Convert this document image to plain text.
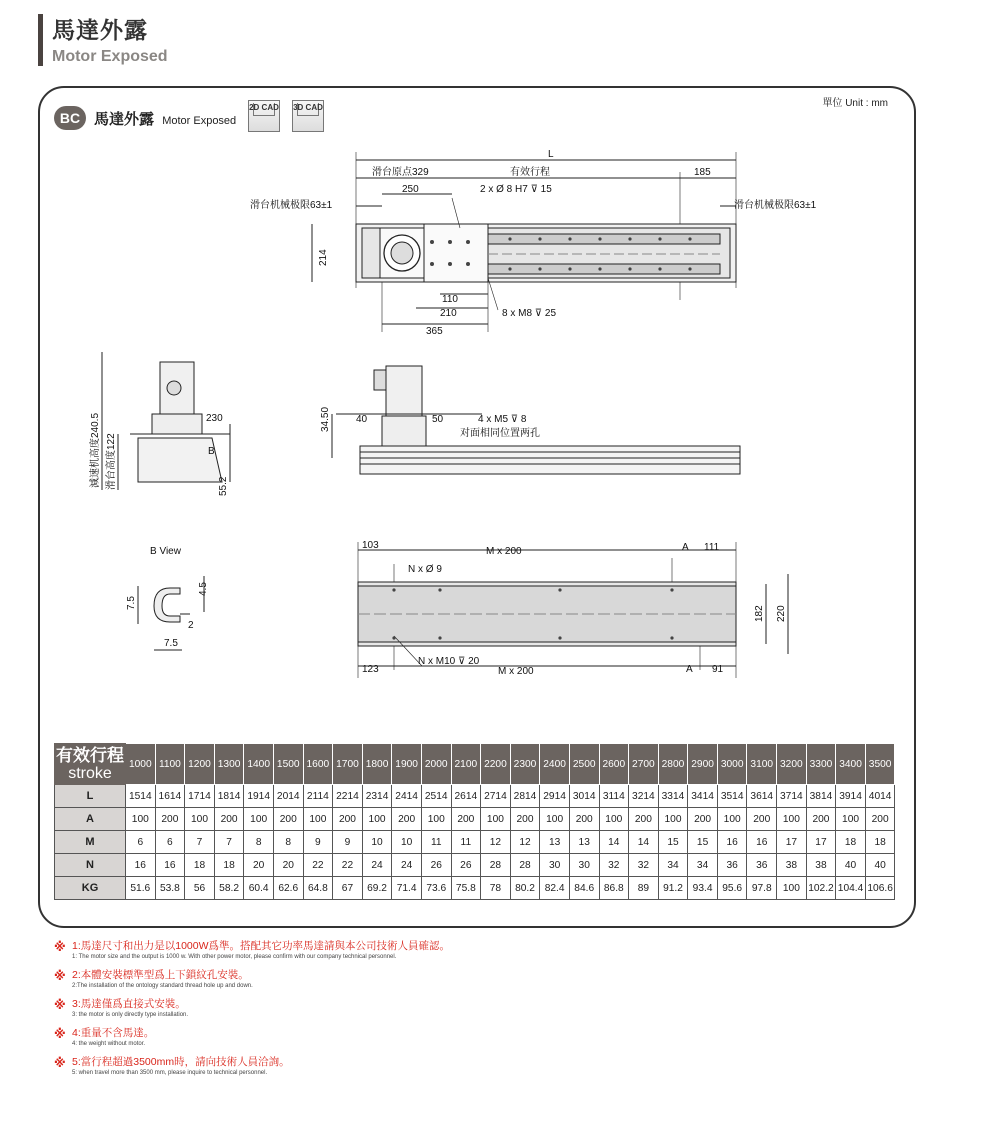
馬達外露
Motor Exposed
單位 Unit : mm
BC 馬達外露 Motor Exposed
2D CAD 3D CAD
L
滑台原点329	有效行程	185
250	2 x Ø 8 H7 ⊽ 15
滑台机械极限63±1	滑台机械极限63±1
214
110
210
365
8 x M8 ⊽ 25
減速机高度240.5 滑台高度122
230
B
55.2
34.50	40	50	4 x M5 ⊽ 8
对面相同位置两孔
B View
7.5
4.5
2
7.5
103
M x 200	A 111
N x Ø 9
182 220
123
N x M10 ⊽ 20
M x 200	A 91
有效行程
stroke	1000	1100	1200	1300	1400	1500	1600	1700	1800	1900	2000	2100	2200	2300	2400	2500	2600	2700	2800	2900	3000	3100	3200	3300	3400	3500
L	1514	1614	1714	1814	1914	2014	2114	2214	2314	2414	2514	2614	2714	2814	2914	3014	3114	3214	3314	3414	3514	3614	3714	3814	3914	4014
A	100	200	100	200	100	200	100	200	100	200	100	200	100	200	100	200	100	200	100	200	100	200	100	200	100	200
M	6	6	7	7	8	8	9	9	10	10	11	11	12	12	13	13	14	14	15	15	16	16	17	17	18	18
N	16	16	18	18	20	20	22	22	24	24	26	26	28	28	30	30	32	32	34	34	36	36	38	38	40	40
KG	51.6	53.8	56	58.2	60.4	62.6	64.8	67	69.2	71.4	73.6	75.8	78	80.2	82.4	84.6	86.8	89	91.2	93.4	95.6	97.8	100	102.2	104.4	106.6
※ 1:馬達尺寸和出力是以1000W爲準。搭配其它功率馬達請與本公司技術人員確認。
1: The motor size and the output is 1000 w. With other power motor, please confirm with our company technical personnel.
※ 2:本體安裝標準型爲上下鎖紋孔安裝。
2:The installation of the ontology standard thread hole up and down.
※ 3:馬達僅爲直接式安裝。
3: the motor is only directly type installation.
※ 4:重量不含馬達。
4: the weight without motor.
※ 5:當行程超過3500mm時，請向技術人員洽詢。
5: when travel more than 3500 mm, please inquire to technical personnel.
